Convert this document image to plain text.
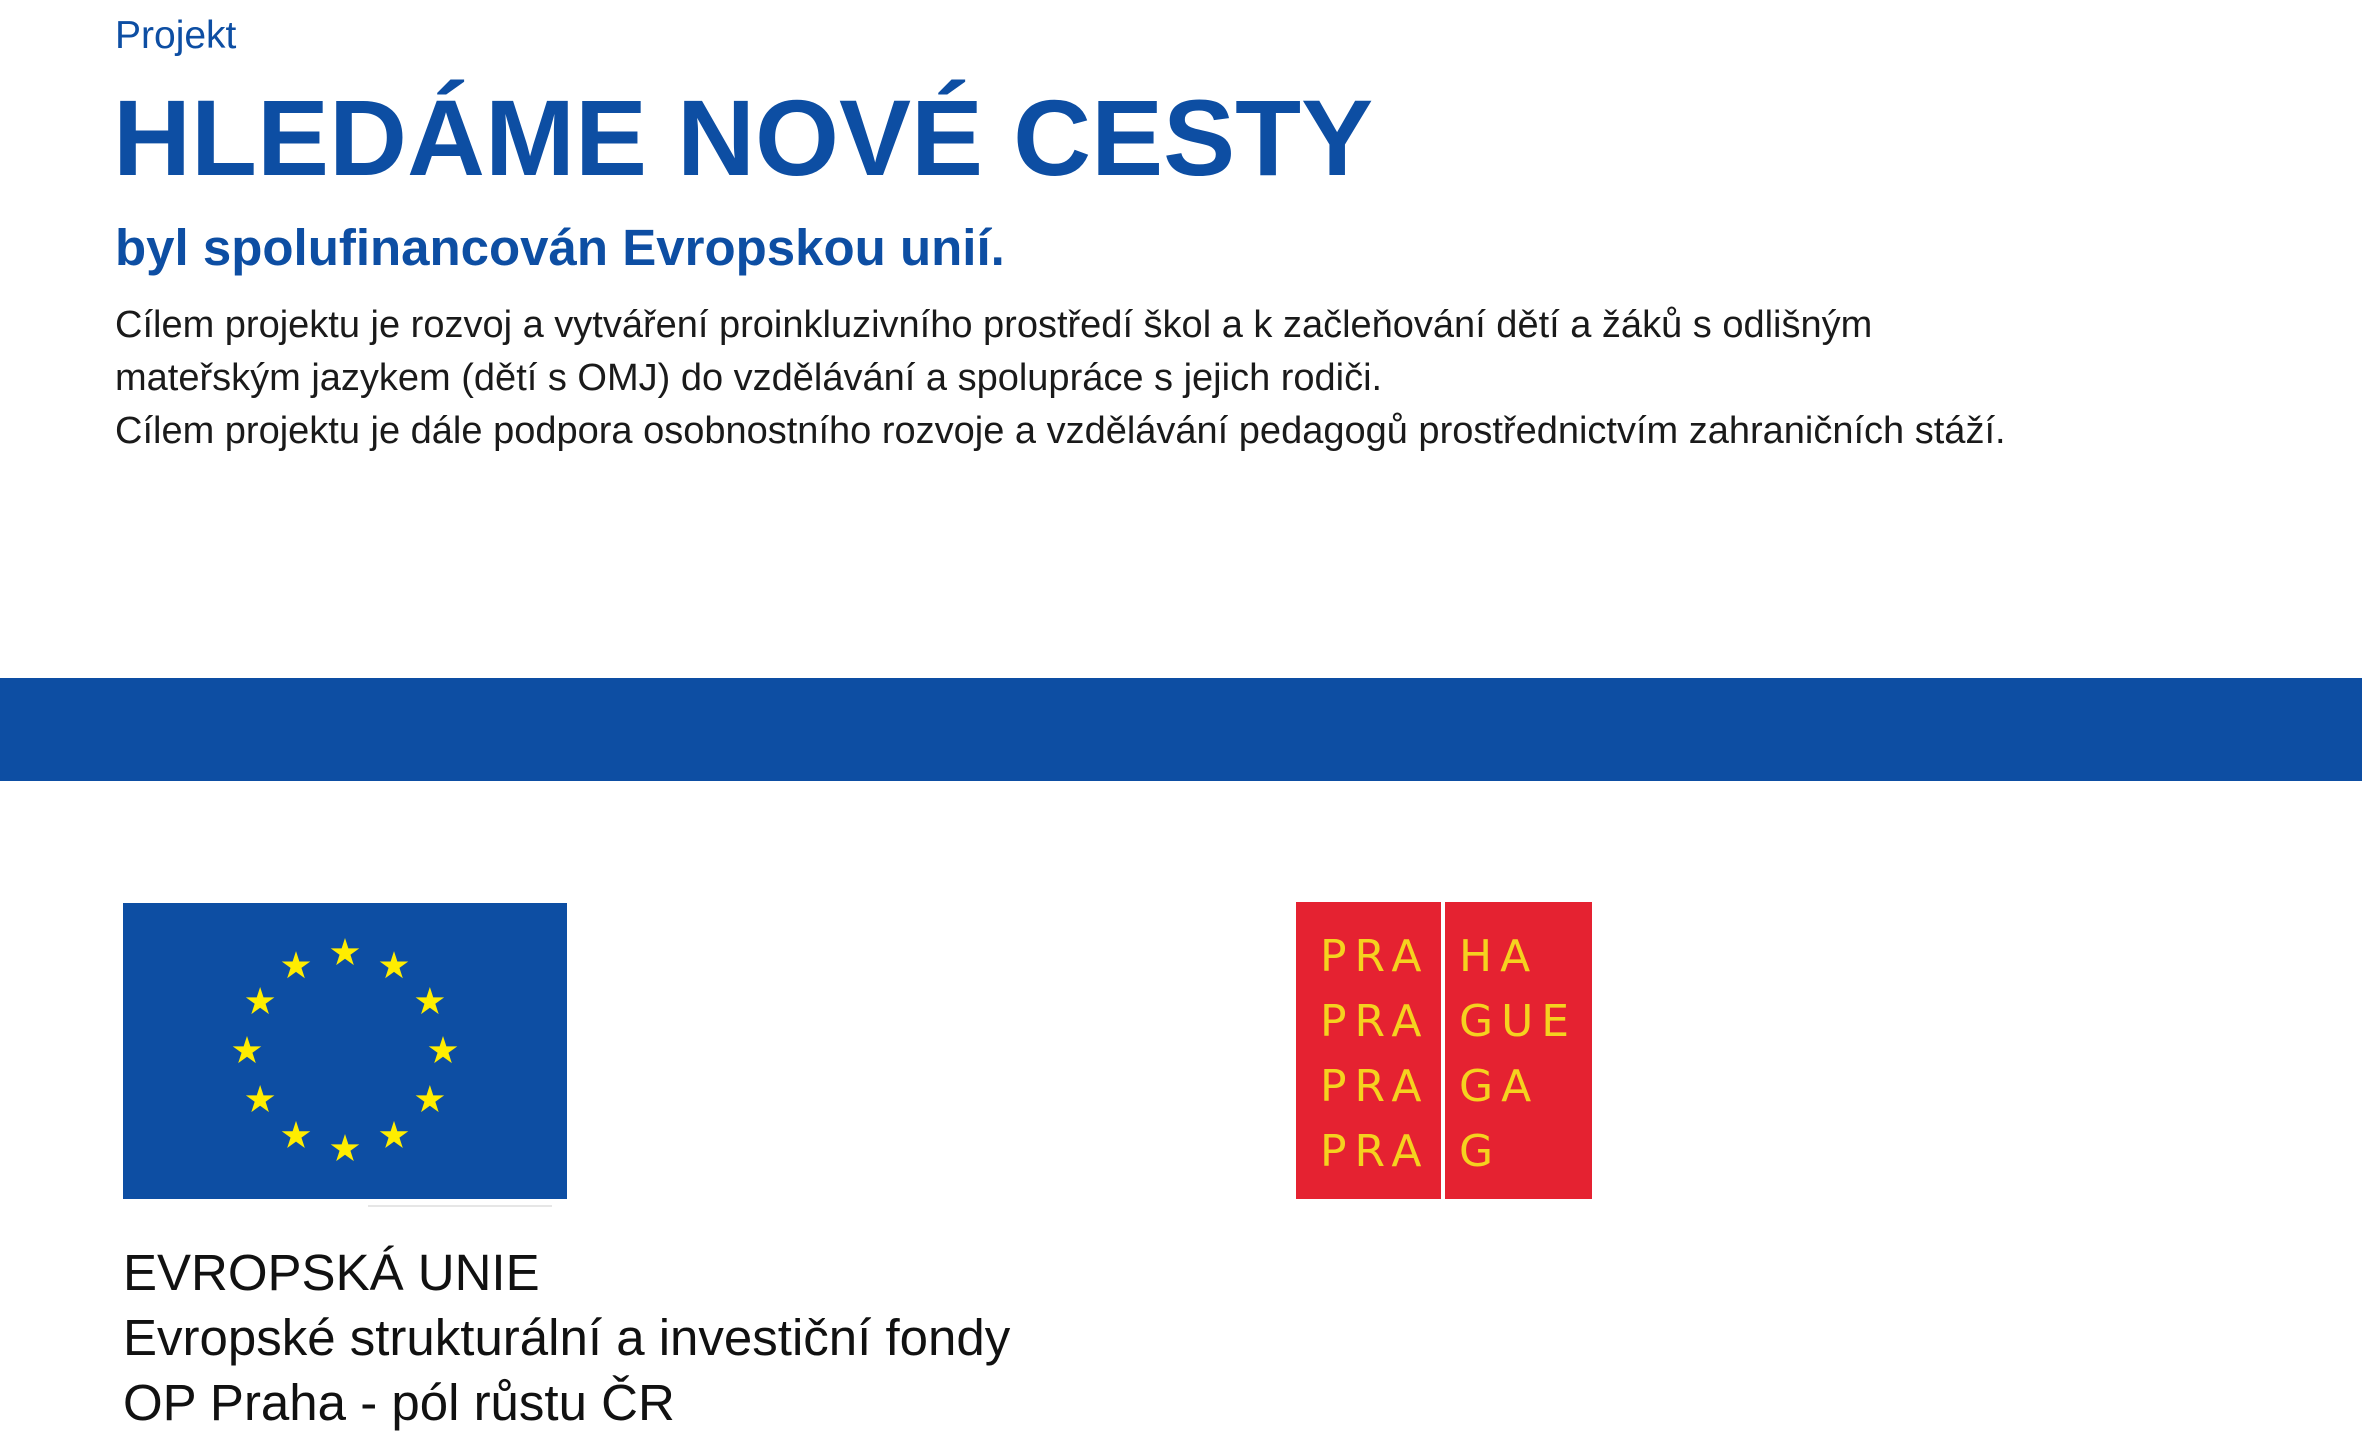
Projekt
HLEDÁME NOVÉ CESTY
byl spolufinancován Evropskou unií.
Cílem projektu je rozvoj a vytváření proinkluzivního prostředí škol a k začleňování dětí a žáků s odlišným
mateřským jazykem (dětí s OMJ) do vzdělávání a spolupráce s jejich rodiči.
Cílem projektu je dále podpora osobnostního rozvoje a vzdělávání pedagogů prostřednictvím zahraničních stáží.
EVROPSKÁ UNIE
Evropské strukturální a investiční fondy
OP Praha - pól růstu ČR
PRA
PRA
PRA
PRA
HA
GUE
GA
G
